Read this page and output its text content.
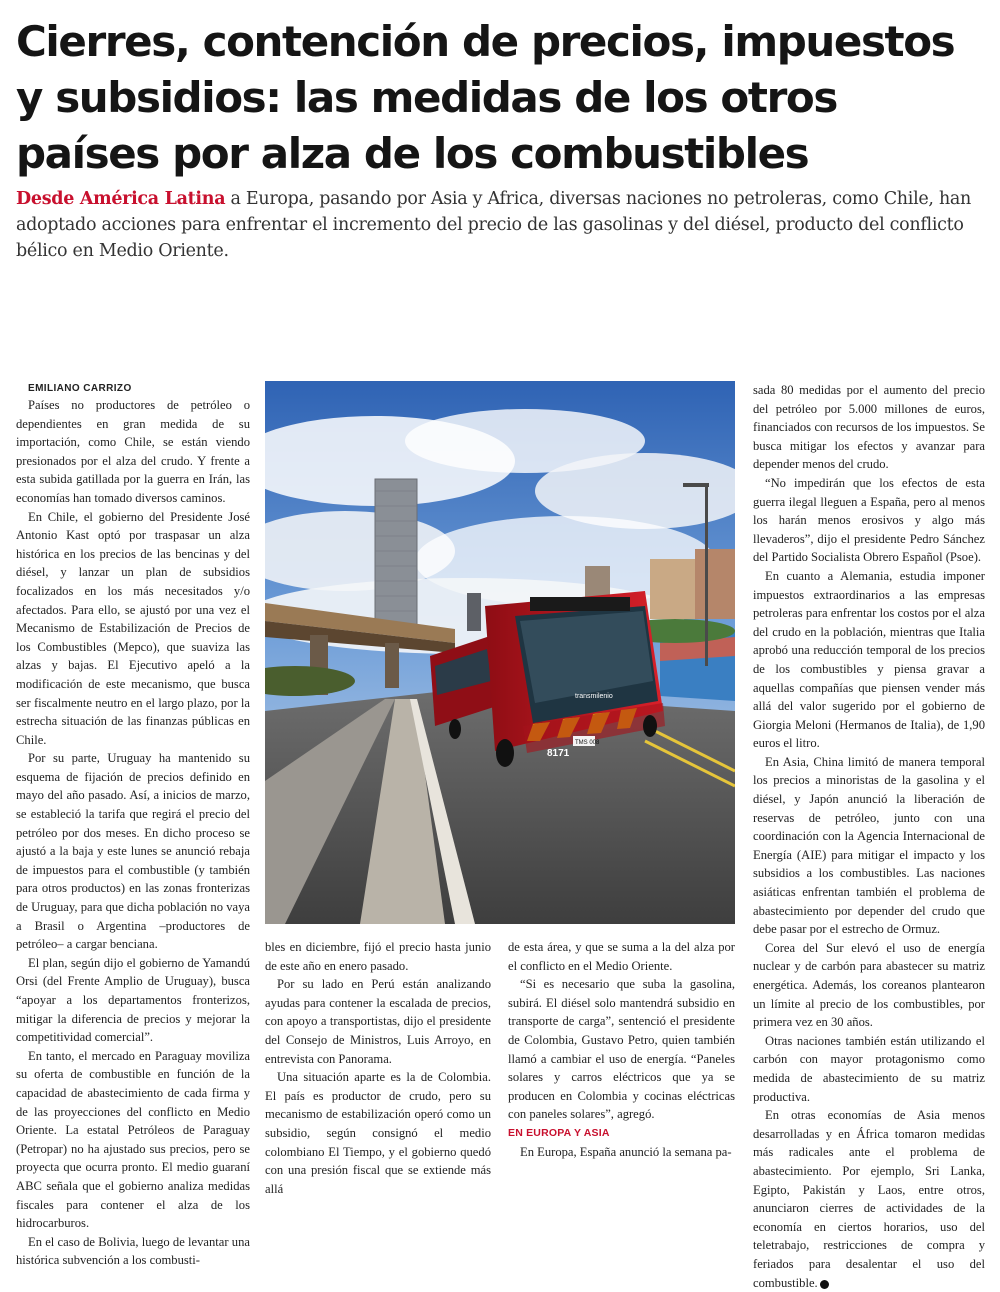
Cierres, contención de precios, impuestos y subsidios: las medidas de los otros países por alza de los combustibles

Desde América Latina a Europa, pasando por Asia y Africa, diversas naciones no petroleras, como Chile, han adoptado acciones para enfrentar el incremento del precio de las gasolinas y del diésel, producto del conflicto bélico en Medio Oriente.

EMILIANO CARRIZO

Países no productores de petróleo o dependientes en gran medida de su importación, como Chile, se están viendo presionados por el alza del crudo. Y frente a esta subida gatillada por la guerra en Irán, las economías han tomado diversos caminos.

En Chile, el gobierno del Presidente José Antonio Kast optó por traspasar un alza histórica en los precios de las bencinas y del diésel, y lanzar un plan de subsidios focalizados en los más necesitados y/o afectados. Para ello, se ajustó por una vez el Mecanismo de Estabilización de Precios de los Combustibles (Mepco), que suaviza las alzas y bajas. El Ejecutivo apeló a la modificación de este mecanismo, que busca ser fiscalmente neutro en el largo plazo, por la estrecha situación de las finanzas públicas en Chile.

Por su parte, Uruguay ha mantenido su esquema de fijación de precios definido en mayo del año pasado. Así, a inicios de marzo, se estableció la tarifa que regirá el precio del petróleo por dos meses. En dicho proceso se ajustó a la baja y este lunes se anunció rebaja de impuestos para el combustible (y también para otros productos) en las zonas fronterizas de Uruguay, para que dicha población no vaya a Brasil o Argentina –productores de petróleo– a cargar benciana.

El plan, según dijo el gobierno de Yamandú Orsi (del Frente Amplio de Uruguay), busca “apoyar a los departamentos fronterizos, mitigar la diferencia de precios y mejorar la competitividad comercial”.

En tanto, el mercado en Paraguay moviliza su oferta de combustible en función de la capacidad de abastecimiento de cada firma y de las proyecciones del conflicto en Medio Oriente. La estatal Petróleos de Paraguay (Petropar) no ha ajustado sus precios, pero se proyecta que ocurra pronto. El medio guaraní ABC señala que el gobierno analiza medidas fiscales para contener el alza de los hidrocarburos.

En el caso de Bolivia, luego de levantar una histórica subvención a los combusti-

transmilenio
TMS 008
8171

bles en diciembre, fijó el precio hasta junio de este año en enero pasado.

Por su lado en Perú están analizando ayudas para contener la escalada de precios, con apoyo a transportistas, dijo el presidente del Consejo de Ministros, Luis Arroyo, en entrevista con Panorama.

Una situación aparte es la de Colombia. El país es productor de crudo, pero su mecanismo de estabilización operó como un subsidio, según consignó el medio colombiano El Tiempo, y el gobierno quedó con una presión fiscal que se extiende más allá

de esta área, y que se suma a la del alza por el conflicto en el Medio Oriente.

“Si es necesario que suba la gasolina, subirá. El diésel solo mantendrá subsidio en transporte de carga”, sentenció el presidente de Colombia, Gustavo Petro, quien también llamó a cambiar el uso de energía. “Paneles solares y carros eléctricos que ya se producen en Colombia y cocinas eléctricas con paneles solares”, agregó.

EN EUROPA Y ASIA

En Europa, España anunció la semana pa-

sada 80 medidas por el aumento del precio del petróleo por 5.000 millones de euros, financiados con recursos de los impuestos. Se busca mitigar los efectos y avanzar para depender menos del crudo.

“No impedirán que los efectos de esta guerra ilegal lleguen a España, pero al menos los harán menos erosivos y algo más llevaderos”, dijo el presidente Pedro Sánchez del Partido Socialista Obrero Español (Psoe).

En cuanto a Alemania, estudia imponer impuestos extraordinarios a las empresas petroleras para enfrentar los costos por el alza del crudo en la población, mientras que Italia aprobó una reducción temporal de los precios de los combustibles y piensa gravar a aquellas compañías que piensen vender más allá del valor sugerido por el gobierno de Giorgia Meloni (Hermanos de Italia), de 1,90 euros el litro.

En Asia, China limitó de manera temporal los precios a minoristas de la gasolina y el diésel, y Japón anunció la liberación de reservas de petróleo, junto con una coordinación con la Agencia Internacional de Energía (AIE) para mitigar el impacto y los subsidios a los combustibles. Las naciones asiáticas enfrentan también el problema de abastecimiento por depender del crudo que debe pasar por el estrecho de Ormuz.

Corea del Sur elevó el uso de energía nuclear y de carbón para abastecer su matriz energética. Además, los coreanos plantearon un límite al precio de los combustibles, por primera vez en 30 años.

Otras naciones también están utilizando el carbón con mayor protagonismo como medida de abastecimiento de su matriz productiva.

En otras economías de Asia menos desarrolladas y en África tomaron medidas más radicales ante el problema de abastecimiento. Por ejemplo, Sri Lanka, Egipto, Pakistán y Laos, entre otros, anunciaron cierres de actividades de la economía en ciertos horarios, uso del teletrabajo, restricciones de compra y feriados para desalentar el uso del combustible. P
